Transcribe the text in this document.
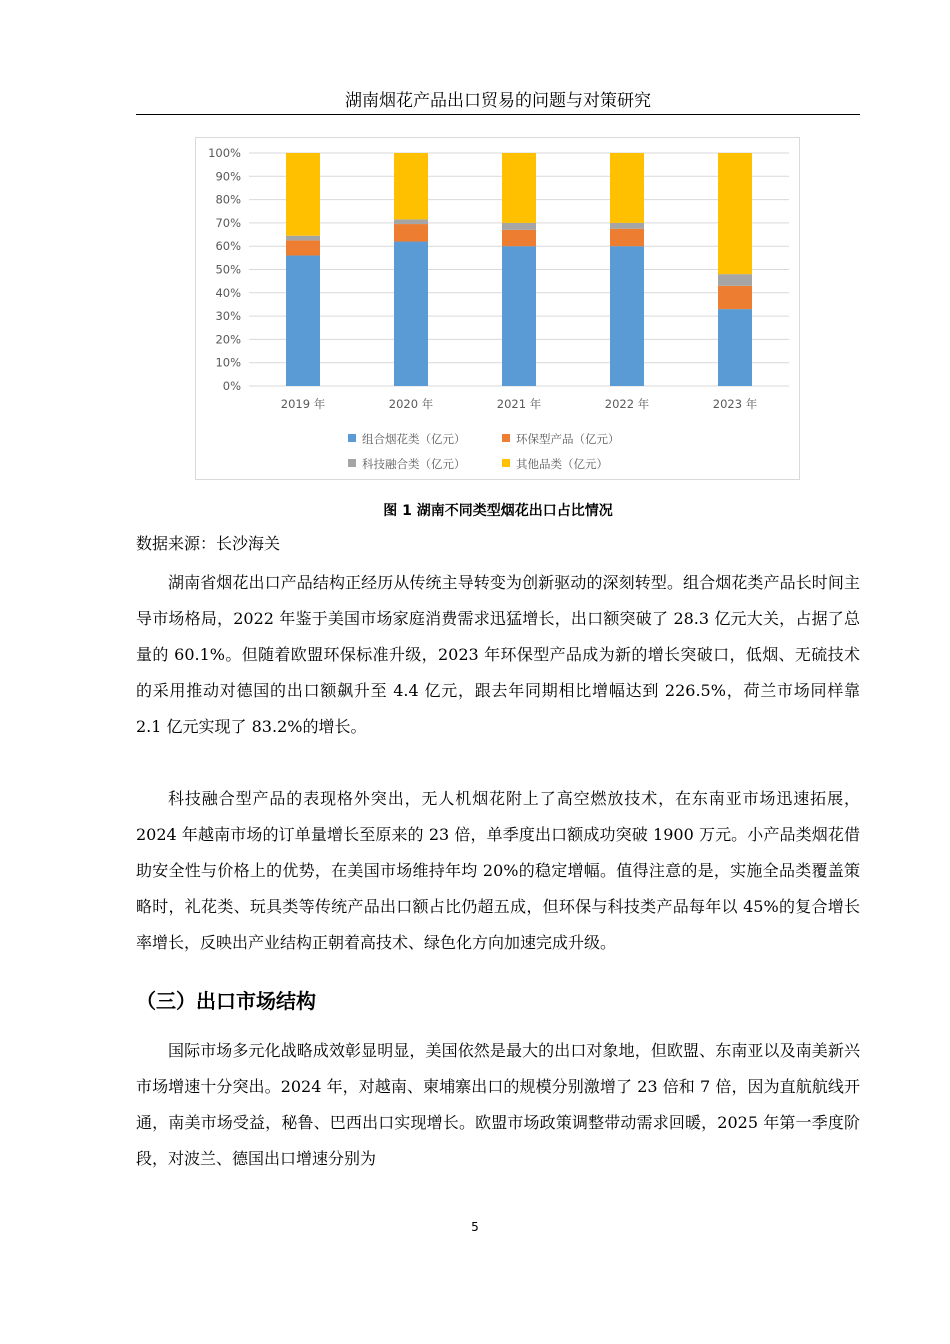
湖南烟花产品出口贸易的问题与对策研究
0%
10%
20%
30%
40%
50%
60%
70%
80%
90%
100%
2019 年	2020 年	2021 年	2022 年	2023 年
组合烟花类（亿元）	环保型产品（亿元）
科技融合类（亿元）	其他品类（亿元）
图 1 湖南不同类型烟花出口占比情况
数据来源：长沙海关

湖南省烟花出口产品结构正经历从传统主导转变为创新驱动的深刻转型。组合烟花类产品长时间主导市场格局，2022 年鉴于美国市场家庭消费需求迅猛增长，出口额突破了 28.3 亿元大关，占据了总量的 60.1%。但随着欧盟环保标准升级，2023 年环保型产品成为新的增长突破口，低烟、无硫技术的采用推动对德国的出口额飙升至 4.4 亿元，跟去年同期相比增幅达到 226.5%，荷兰市场同样靠 2.1 亿元实现了 83.2%的增长。

科技融合型产品的表现格外突出，无人机烟花附上了高空燃放技术，在东南亚市场迅速拓展，2024 年越南市场的订单量增长至原来的 23 倍，单季度出口额成功突破 1900 万元。小产品类烟花借助安全性与价格上的优势，在美国市场维持年均 20%的稳定增幅。值得注意的是，实施全品类覆盖策略时，礼花类、玩具类等传统产品出口额占比仍超五成，但环保与科技类产品每年以 45%的复合增长率增长，反映出产业结构正朝着高技术、绿色化方向加速完成升级。

（三）出口市场结构

国际市场多元化战略成效彰显明显，美国依然是最大的出口对象地，但欧盟、东南亚以及南美新兴市场增速十分突出。2024 年，对越南、柬埔寨出口的规模分别激增了 23 倍和 7 倍，因为直航航线开通，南美市场受益，秘鲁、巴西出口实现增长。欧盟市场政策调整带动需求回暖，2025 年第一季度阶段，对波兰、德国出口增速分别为

5
